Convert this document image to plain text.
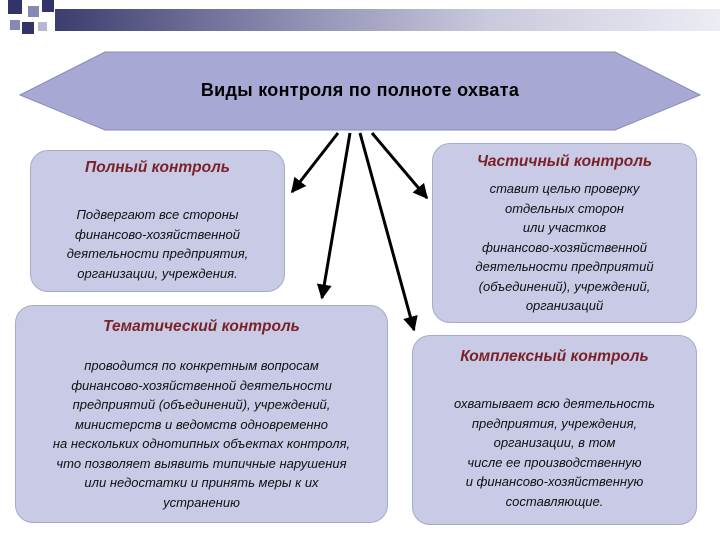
Виды контроля по полноте охвата
Полный контроль
Подвергают все стороны
финансово-хозяйственной
деятельности предприятия,
организации, учреждения.
Частичный контроль
ставит целью проверку
отдельных сторон
или участков
финансово-хозяйственной
деятельности предприятий
(объединений), учреждений,
организаций
Тематический контроль
проводится по конкретным вопросам
финансово-хозяйственной деятельности
предприятий (объединений), учреждений,
министерств и ведомств одновременно
на нескольких однотипных объектах контроля,
что позволяет выявить типичные нарушения
или недостатки и принять меры к их
устранению
Комплексный контроль
охватывает всю деятельность
предприятия, учреждения,
организации, в том
числе ее производственную
и финансово-хозяйственную
составляющие.
